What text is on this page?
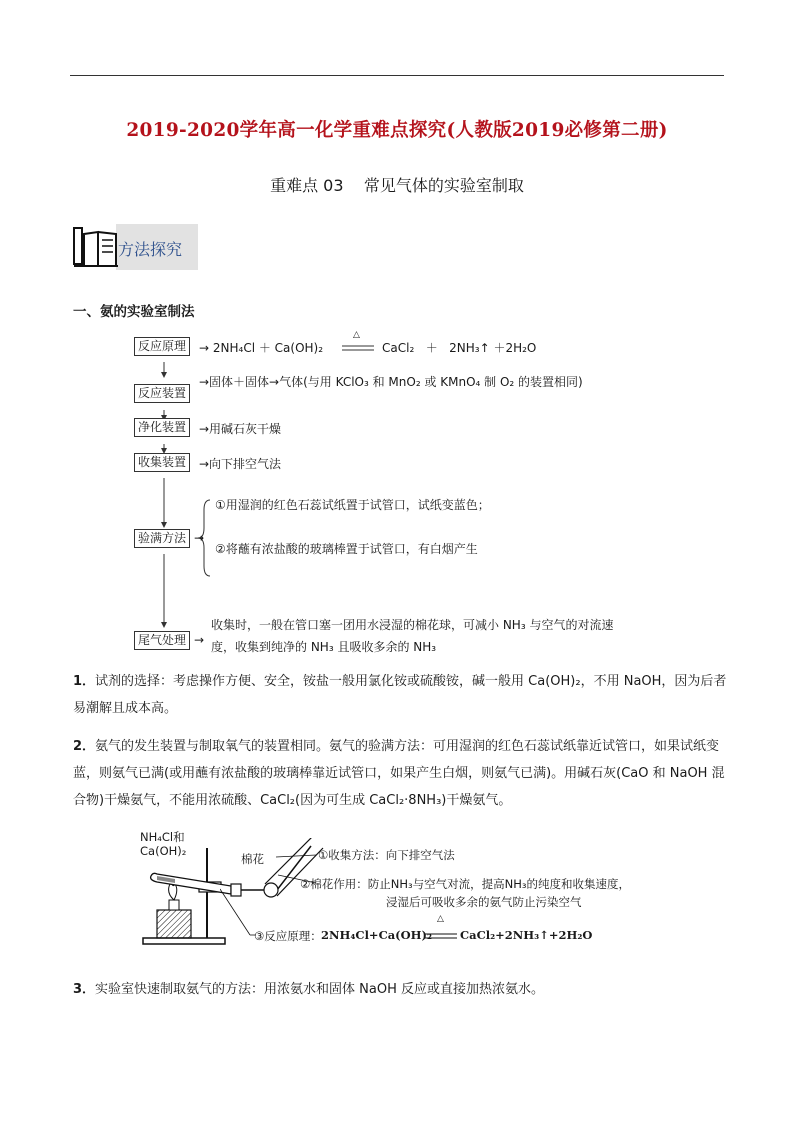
2019-2020学年高一化学重难点探究(人教版2019必修第二册)
重难点 03    常见气体的实验室制取
方法探究
一、氨的实验室制法
反应原理	→ 2NH₄Cl ＋ Ca(OH)₂
△
CaCl₂   ＋   2NH₃↑ ＋2H₂O
反应装置
→固体＋固体→气体(与用 KClO₃ 和 MnO₂ 或 KMnO₄ 制 O₂ 的装置相同)
净化装置	→用碱石灰干燥
收集装置	→向下排空气法
验满方法 →
①用湿润的红色石蕊试纸置于试管口，试纸变蓝色；
②将蘸有浓盐酸的玻璃棒置于试管口，有白烟产生
尾气处理 →
收集时，一般在管口塞一团用水浸湿的棉花球，可减小 NH₃ 与空气的对流速
度，收集到纯净的 NH₃ 且吸收多余的 NH₃
1．试剂的选择：考虑操作方便、安全，铵盐一般用氯化铵或硫酸铵，碱一般用 Ca(OH)₂，不用 NaOH，因为后者易潮解且成本高。
2．氨气的发生装置与制取氧气的装置相同。氨气的验满方法：可用湿润的红色石蕊试纸靠近试管口，如果试纸变蓝，则氨气已满(或用蘸有浓盐酸的玻璃棒靠近试管口，如果产生白烟，则氨气已满)。用碱石灰(CaO 和 NaOH 混合物)干燥氨气，不能用浓硫酸、CaCl₂(因为可生成 CaCl₂·8NH₃)干燥氨气。
NH₄Cl和
Ca(OH)₂
棉花	①收集方法：向下排空气法
②棉花作用：防止NH₃与空气对流，提高NH₃的纯度和收集速度，
浸湿后可吸收多余的氨气防止污染空气
③反应原理： 2NH₄Cl+Ca(OH)₂
△
CaCl₂+2NH₃↑+2H₂O
3．实验室快速制取氨气的方法：用浓氨水和固体 NaOH 反应或直接加热浓氨水。
